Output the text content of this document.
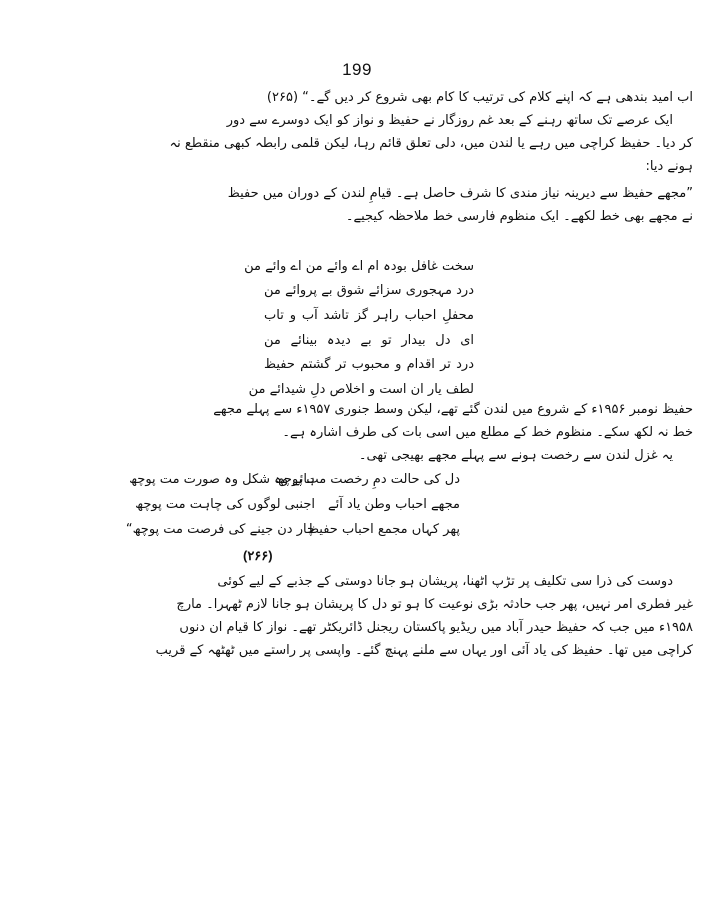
199
اب امید بندھی ہے کہ اپنے کلام کی ترتیب کا کام بھی شروع کر دیں گے۔“ (۲۶۵)
ایک عرصے تک ساتھ رہنے کے بعد غم روزگار نے حفیظ و نواز کو ایک دوسرے سے دور
کر دیا۔ حفیظ کراچی میں رہے یا لندن میں، دلی تعلق قائم رہا، لیکن قلمی رابطہ کبھی منقطع نہ
ہونے دیا:
”مجھے حفیظ سے دیرینہ نیاز مندی کا شرف حاصل ہے۔ قیامِ لندن کے دوران میں حفیظ
نے مجھے بھی خط لکھے۔ ایک منظوم فارسی خط ملاحظہ کیجیے۔
سخت غافل بودہ ام اے وائے من اے وائے من
درد مہجوری سزائے شوق بے پروائے من
محفلِ احباب راہر گز تاشد آب و تاب
ای دل بیدار تو بے دیدہ بینائے من
درد تر اقدام و محبوب تر گشتم حفیظ
لطف یار ان است و اخلاص دلِ شیدائے من
حفیظ نومبر ۱۹۵۶ء کے شروع میں لندن گئے تھے، لیکن وسط جنوری ۱۹۵۷ء سے پہلے مجھے
خط نہ لکھ سکے۔ منظوم خط کے مطلع میں اسی بات کی طرف اشارہ ہے۔
یہ غزل لندن سے رخصت ہونے سے پہلے مجھے بھیجی تھی۔
دل کی حالت دمِ رخصت مت پوچھ
ہائے وہ شکل وہ صورت مت پوچھ
مجھے احباب وطن یاد آئے
اجنبی لوگوں کی چاہت مت پوچھ
پھر کہاں مجمع احباب حفیظ
چار دن جینے کی فرصت مت پوچھ“
(۲۶۶)
دوست کی ذرا سی تکلیف پر تڑپ اٹھنا، پریشان ہو جانا دوستی کے جذبے کے لیے کوئی
غیر فطری امر نہیں، پھر جب حادثہ بڑی نوعیت کا ہو تو دل کا پریشان ہو جانا لازم ٹھہرا۔ مارچ
۱۹۵۸ء میں جب کہ حفیظ حیدر آباد میں ریڈیو پاکستان ریجنل ڈائریکٹر تھے۔ نواز کا قیام ان دنوں
کراچی میں تھا۔ حفیظ کی یاد آئی اور یہاں سے ملنے پہنچ گئے۔ واپسی پر راستے میں ٹھٹھہ کے قریب
